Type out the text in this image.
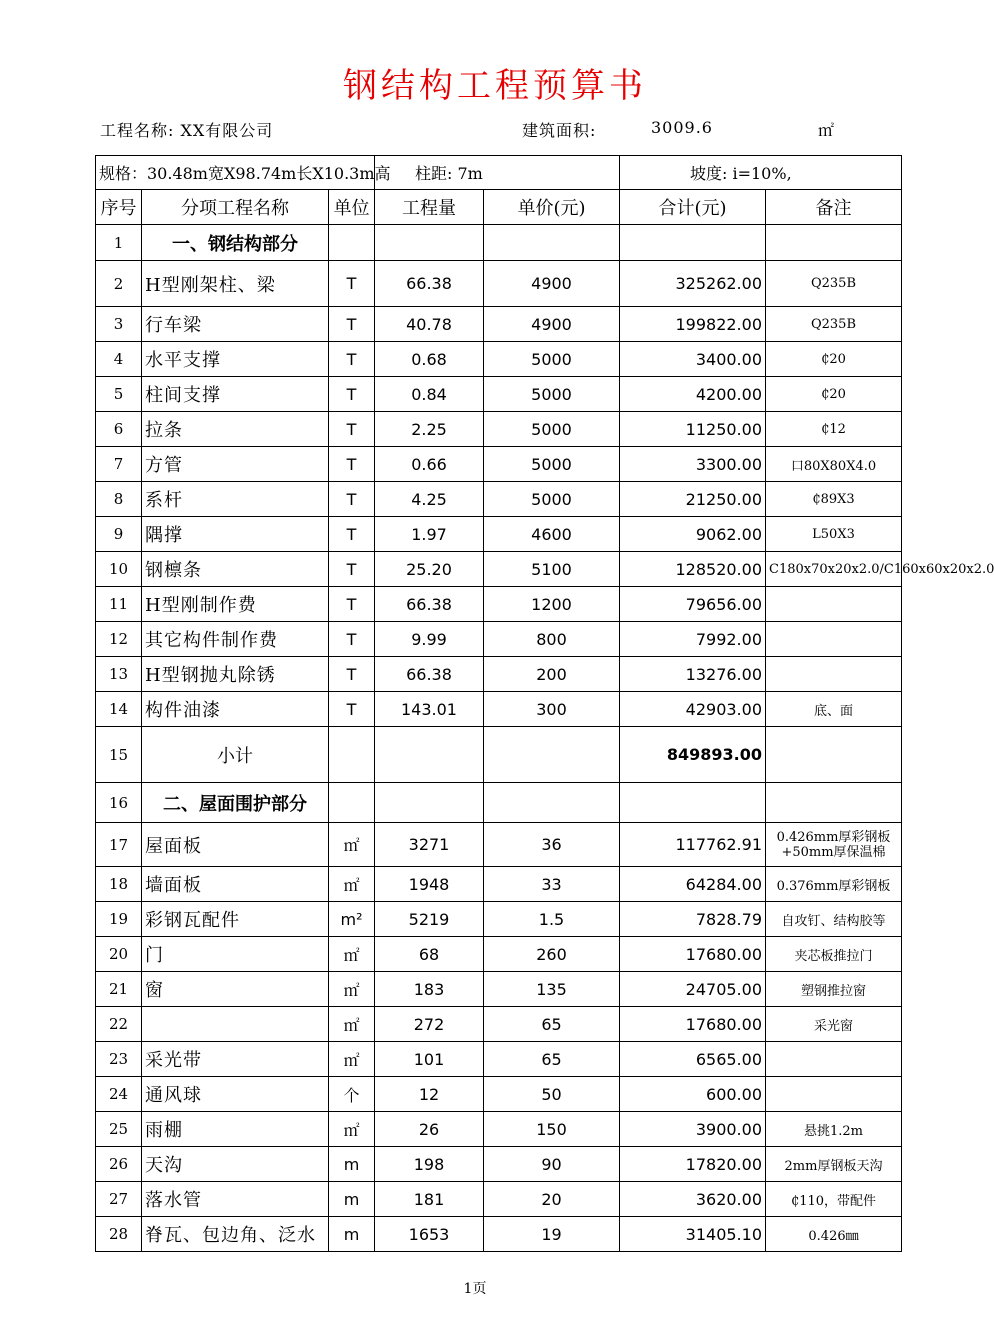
钢结构工程预算书
工程名称: XX有限公司	建筑面积:	3009.6	㎡
规格：30.48m宽X98.74m长X10.3m高			柱距: 7m		坡度: i=10%,	
序号	分项工程名称	单位	工程量	单价(元)	合计(元)	备注
1	一、钢结构部分					
2	H型刚架柱、梁	T	66.38	4900	325262.00	Q235B
3	行车梁	T	40.78	4900	199822.00	Q235B
4	水平支撑	T	0.68	5000	3400.00	₵20
5	柱间支撑	T	0.84	5000	4200.00	₵20
6	拉条	T	2.25	5000	11250.00	₵12
7	方管	T	0.66	5000	3300.00	口80X80X4.0
8	系杆	T	4.25	5000	21250.00	₵89X3
9	隅撑	T	1.97	4600	9062.00	L50X3
10	钢檩条	T	25.20	5100	128520.00	C180x70x20x2.0/C160x60x20x2.0
11	H型刚制作费	T	66.38	1200	79656.00	
12	其它构件制作费	T	9.99	800	7992.00	
13	H型钢抛丸除锈	T	66.38	200	13276.00	
14	构件油漆	T	143.01	300	42903.00	底、面
15	小计				849893.00	
16	二、屋面围护部分					
17	屋面板	㎡	3271	36	117762.91	0.426mm厚彩钢板+50mm厚保温棉
18	墙面板	㎡	1948	33	64284.00	0.376mm厚彩钢板
19	彩钢瓦配件	m²	5219	1.5	7828.79	自攻钉、结构胶等
20	门	㎡	68	260	17680.00	夹芯板推拉门
21	窗	㎡	183	135	24705.00	塑钢推拉窗
22		㎡	272	65	17680.00	采光窗
23	采光带	㎡	101	65	6565.00	
24	通风球	个	12	50	600.00	
25	雨棚	㎡	26	150	3900.00	悬挑1.2m
26	天沟	m	198	90	17820.00	2mm厚钢板天沟
27	落水管	m	181	20	3620.00	₵110，带配件
28	脊瓦、包边角、泛水	m	1653	19	31405.10	0.426㎜
1页
